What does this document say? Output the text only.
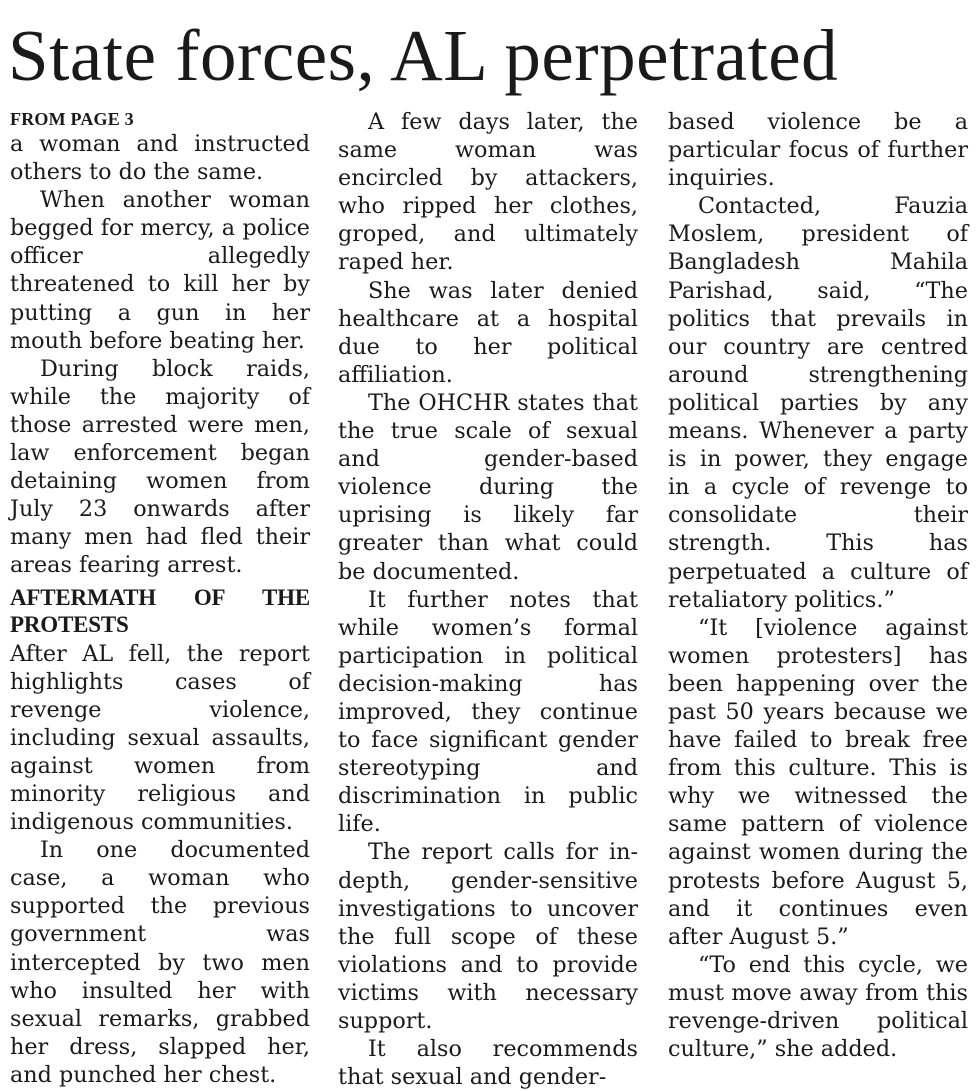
State forces, AL perpetrated
FROM PAGE 3

a woman and instructed others to do the same.

When another woman begged for mercy, a police officer allegedly threatened to kill her by putting a gun in her mouth before beating her.

During block raids, while the majority of those arrested were men, law enforcement began detaining women from July 23 onwards after many men had fled their areas fearing arrest.

AFTERMATH OF THE PROTESTS

After AL fell, the report highlights cases of revenge violence, including sexual assaults, against women from minority religious and indigenous communities.

In one documented case, a woman who supported the previous government was intercepted by two men who insulted her with sexual remarks, grabbed her dress, slapped her, and punched her chest.

A few days later, the same woman was encircled by attackers, who ripped her clothes, groped, and ultimately raped her.

She was later denied healthcare at a hospital due to her political affiliation.

The OHCHR states that the true scale of sexual and gender-based violence during the uprising is likely far greater than what could be documented.

It further notes that while women’s formal participation in political decision-making has improved, they continue to face significant gender stereotyping and discrimination in public life.

The report calls for in-depth, gender-sensitive investigations to uncover the full scope of these violations and to provide victims with necessary support.

It also recommends that sexual and gender-

based violence be a particular focus of further inquiries.

Contacted, Fauzia Moslem, president of Bangladesh Mahila Parishad, said, “The politics that prevails in our country are centred around strengthening political parties by any means. Whenever a party is in power, they engage in a cycle of revenge to consolidate their strength. This has perpetuated a culture of retaliatory politics.”

“It [violence against women protesters] has been happening over the past 50 years because we have failed to break free from this culture. This is why we witnessed the same pattern of violence against women during the protests before August 5, and it continues even after August 5.”

“To end this cycle, we must move away from this revenge-driven political culture,” she added.
